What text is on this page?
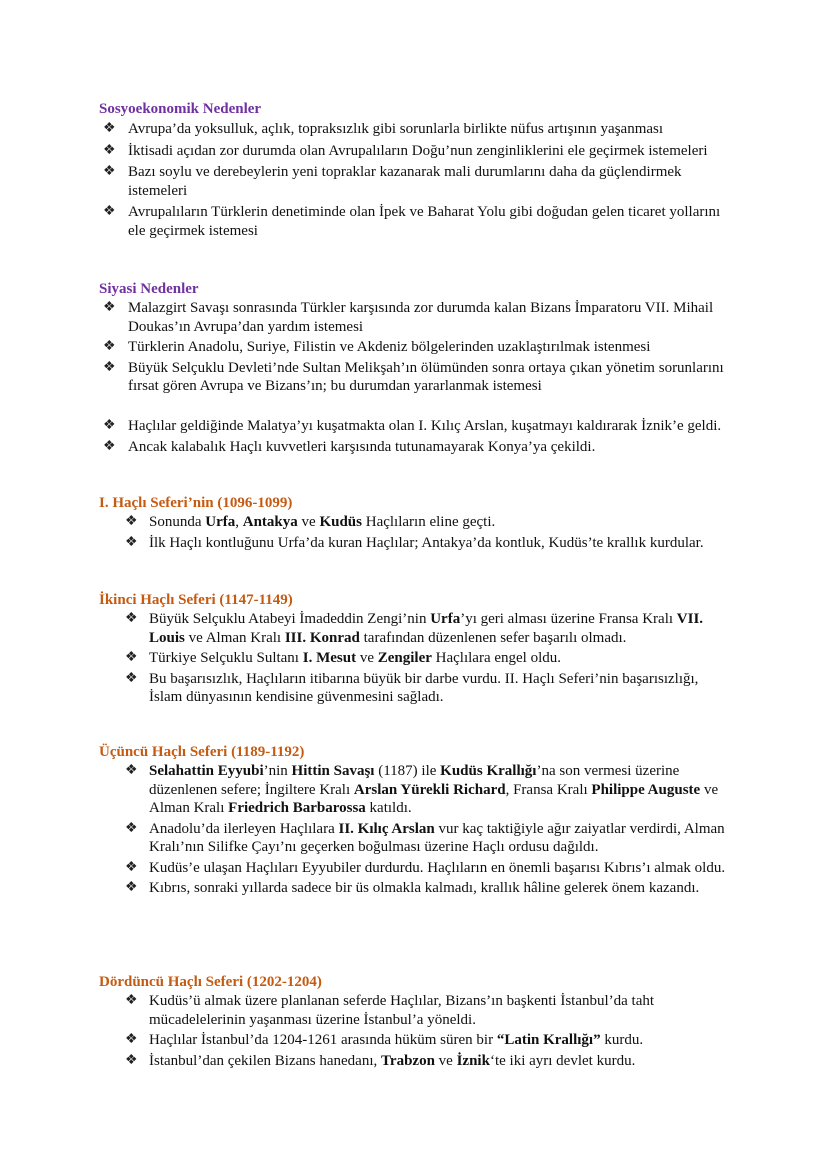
Sosyoekonomik Nedenler
❖ Avrupa’da yoksulluk, açlık, topraksızlık gibi sorunlarla birlikte nüfus artışının yaşanması
❖ İktisadi açıdan zor durumda olan Avrupalıların Doğu’nun zenginliklerini ele geçirmek istemeleri
❖ Bazı soylu ve derebeylerin yeni topraklar kazanarak mali durumlarını daha da güçlendirmek istemeleri
❖ Avrupalıların Türklerin denetiminde olan İpek ve Baharat Yolu gibi doğudan gelen ticaret yollarını ele geçirmek istemesi
Siyasi Nedenler
❖ Malazgirt Savaşı sonrasında Türkler karşısında zor durumda kalan Bizans İmparatoru VII. Mihail Doukas’ın Avrupa’dan yardım istemesi
❖ Türklerin Anadolu, Suriye, Filistin ve Akdeniz bölgelerinden uzaklaştırılmak istenmesi
❖ Büyük Selçuklu Devleti’nde Sultan Melikşah’ın ölümünden sonra ortaya çıkan yönetim sorunlarını fırsat gören Avrupa ve Bizans’ın; bu durumdan yararlanmak istemesi
❖ Haçlılar geldiğinde Malatya’yı kuşatmakta olan I. Kılıç Arslan, kuşatmayı kaldırarak İznik’e geldi.
❖ Ancak kalabalık Haçlı kuvvetleri karşısında tutunamayarak Konya’ya çekildi.
I. Haçlı Seferi’nin (1096-1099)
❖ Sonunda Urfa, Antakya ve Kudüs Haçlıların eline geçti.
❖ İlk Haçlı kontluğunu Urfa’da kuran Haçlılar; Antakya’da kontluk, Kudüs’te krallık kurdular.
İkinci Haçlı Seferi (1147-1149)
❖ Büyük Selçuklu Atabeyi İmadeddin Zengi’nin Urfa’yı geri alması üzerine Fransa Kralı VII. Louis ve Alman Kralı III. Konrad tarafından düzenlenen sefer başarılı olmadı.
❖ Türkiye Selçuklu Sultanı I. Mesut ve Zengiler Haçlılara engel oldu.
❖ Bu başarısızlık, Haçlıların itibarına büyük bir darbe vurdu. II. Haçlı Seferi’nin başarısızlığı, İslam dünyasının kendisine güvenmesini sağladı.
Üçüncü Haçlı Seferi (1189-1192)
❖ Selahattin Eyyubi’nin Hittin Savaşı (1187) ile Kudüs Krallığı’na son vermesi üzerine düzenlenen sefere; İngiltere Kralı Arslan Yürekli Richard, Fransa Kralı Philippe Auguste ve Alman Kralı Friedrich Barbarossa katıldı.
❖ Anadolu’da ilerleyen Haçlılara II. Kılıç Arslan vur kaç taktiğiyle ağır zaiyatlar verdirdi, Alman Kralı’nın Silifke Çayı’nı geçerken boğulması üzerine Haçlı ordusu dağıldı.
❖ Kudüs’e ulaşan Haçlıları Eyyubiler durdurdu. Haçlıların en önemli başarısı Kıbrıs’ı almak oldu.
❖ Kıbrıs, sonraki yıllarda sadece bir üs olmakla kalmadı, krallık hâline gelerek önem kazandı.
Dördüncü Haçlı Seferi (1202-1204)
❖ Kudüs’ü almak üzere planlanan seferde Haçlılar, Bizans’ın başkenti İstanbul’da taht mücadelelerinin yaşanması üzerine İstanbul’a yöneldi.
❖ Haçlılar İstanbul’da 1204-1261 arasında hüküm süren bir “Latin Krallığı” kurdu.
❖ İstanbul’dan çekilen Bizans hanedanı, Trabzon ve İznik‘te iki ayrı devlet kurdu.
